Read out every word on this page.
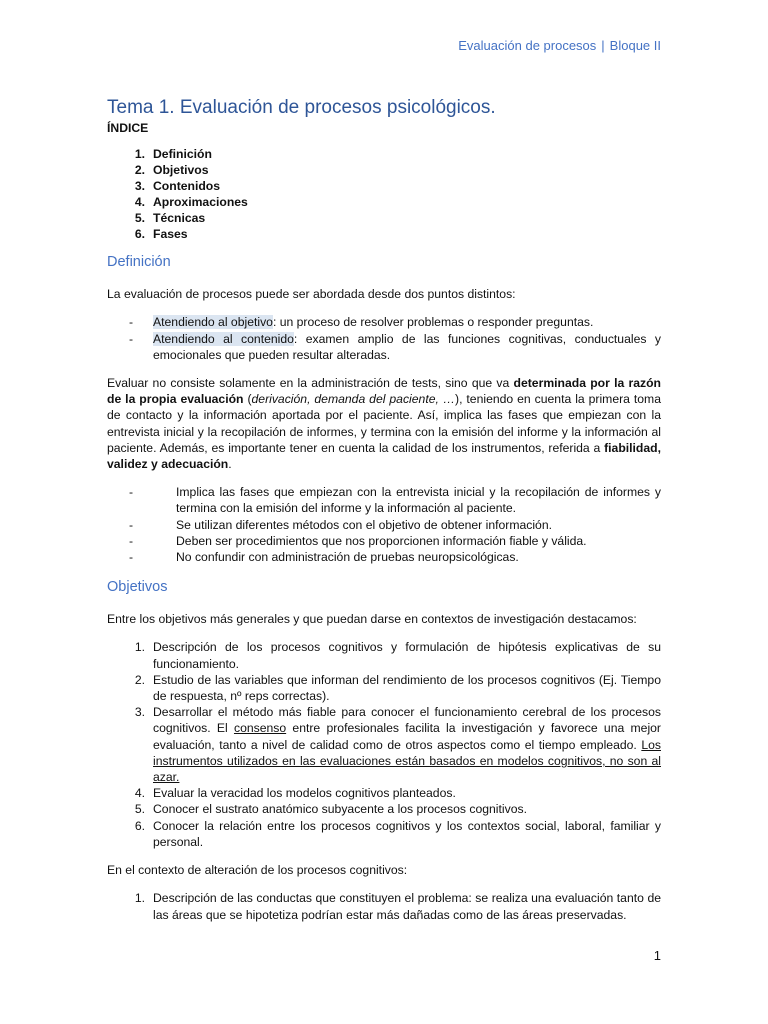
Evaluación de procesos | Bloque II
Tema 1. Evaluación de procesos psicológicos.
ÍNDICE
1. Definición
2. Objetivos
3. Contenidos
4. Aproximaciones
5. Técnicas
6. Fases
Definición

La evaluación de procesos puede ser abordada desde dos puntos distintos:

-	Atendiendo al objetivo: un proceso de resolver problemas o responder preguntas.
-	Atendiendo al contenido: examen amplio de las funciones cognitivas, conductuales y emocionales que pueden resultar alteradas.

Evaluar no consiste solamente en la administración de tests, sino que va determinada por la razón de la propia evaluación (derivación, demanda del paciente, …), teniendo en cuenta la primera toma de contacto y la información aportada por el paciente. Así, implica las fases que empiezan con la entrevista inicial y la recopilación de informes, y termina con la emisión del informe y la información al paciente. Además, es importante tener en cuenta la calidad de los instrumentos, referida a fiabilidad, validez y adecuación.

-	Implica las fases que empiezan con la entrevista inicial y la recopilación de informes y termina con la emisión del informe y la información al paciente.
-	Se utilizan diferentes métodos con el objetivo de obtener información.
-	Deben ser procedimientos que nos proporcionen información fiable y válida.
-	No confundir con administración de pruebas neuropsicológicas.
Objetivos

Entre los objetivos más generales y que puedan darse en contextos de investigación destacamos:

1. Descripción de los procesos cognitivos y formulación de hipótesis explicativas de su funcionamiento.
2. Estudio de las variables que informan del rendimiento de los procesos cognitivos (Ej. Tiempo de respuesta, nº reps correctas).
3. Desarrollar el método más fiable para conocer el funcionamiento cerebral de los procesos cognitivos. El consenso entre profesionales facilita la investigación y favorece una mejor evaluación, tanto a nivel de calidad como de otros aspectos como el tiempo empleado. Los instrumentos utilizados en las evaluaciones están basados en modelos cognitivos, no son al azar.
4. Evaluar la veracidad los modelos cognitivos planteados.
5. Conocer el sustrato anatómico subyacente a los procesos cognitivos.
6. Conocer la relación entre los procesos cognitivos y los contextos social, laboral, familiar y personal.

En el contexto de alteración de los procesos cognitivos:

1. Descripción de las conductas que constituyen el problema: se realiza una evaluación tanto de las áreas que se hipotetiza podrían estar más dañadas como de las áreas preservadas.
1
